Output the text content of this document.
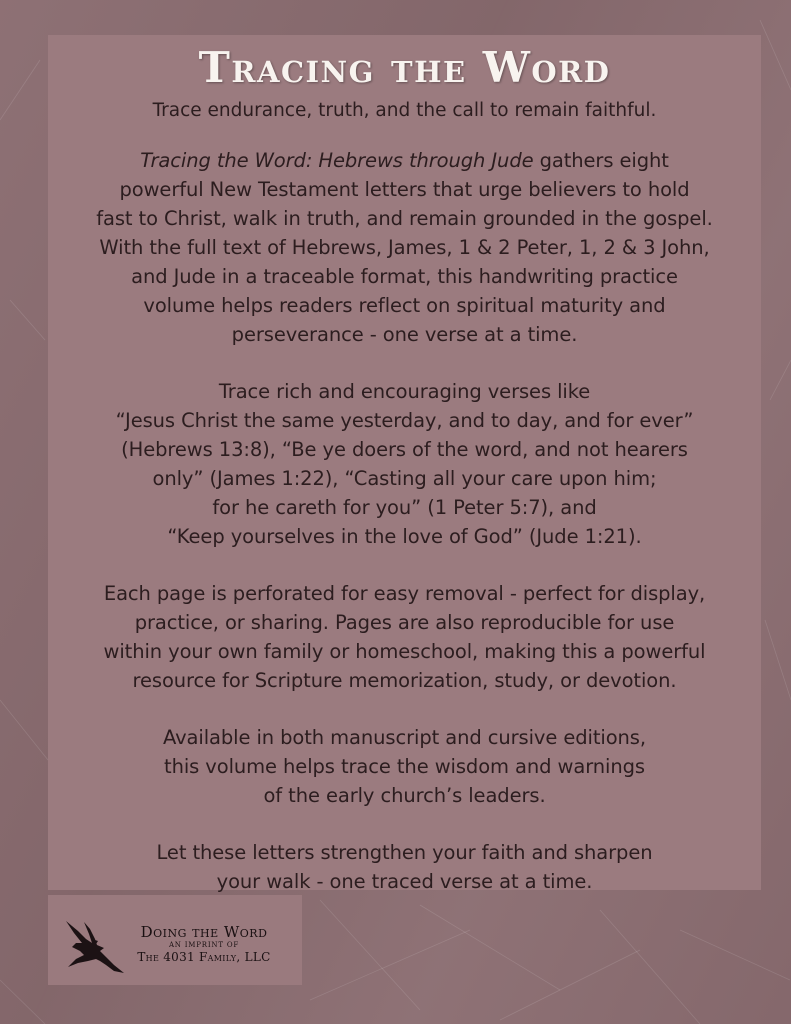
Tracing the Word

Trace endurance, truth, and the call to remain faithful.

Tracing the Word: Hebrews through Jude gathers eight
powerful New Testament letters that urge believers to hold
fast to Christ, walk in truth, and remain grounded in the gospel.
With the full text of Hebrews, James, 1 & 2 Peter, 1, 2 & 3 John,
and Jude in a traceable format, this handwriting practice
volume helps readers reflect on spiritual maturity and
perseverance - one verse at a time.

Trace rich and encouraging verses like
“Jesus Christ the same yesterday, and to day, and for ever”
(Hebrews 13:8), “Be ye doers of the word, and not hearers
only” (James 1:22), “Casting all your care upon him;
for he careth for you” (1 Peter 5:7), and
“Keep yourselves in the love of God” (Jude 1:21).

Each page is perforated for easy removal - perfect for display,
practice, or sharing. Pages are also reproducible for use
within your own family or homeschool, making this a powerful
resource for Scripture memorization, study, or devotion.

Available in both manuscript and cursive editions,
this volume helps trace the wisdom and warnings
of the early church’s leaders.

Let these letters strengthen your faith and sharpen
your walk - one traced verse at a time.

Doing the Word
AN IMPRINT OF
The 4031 Family, LLC
